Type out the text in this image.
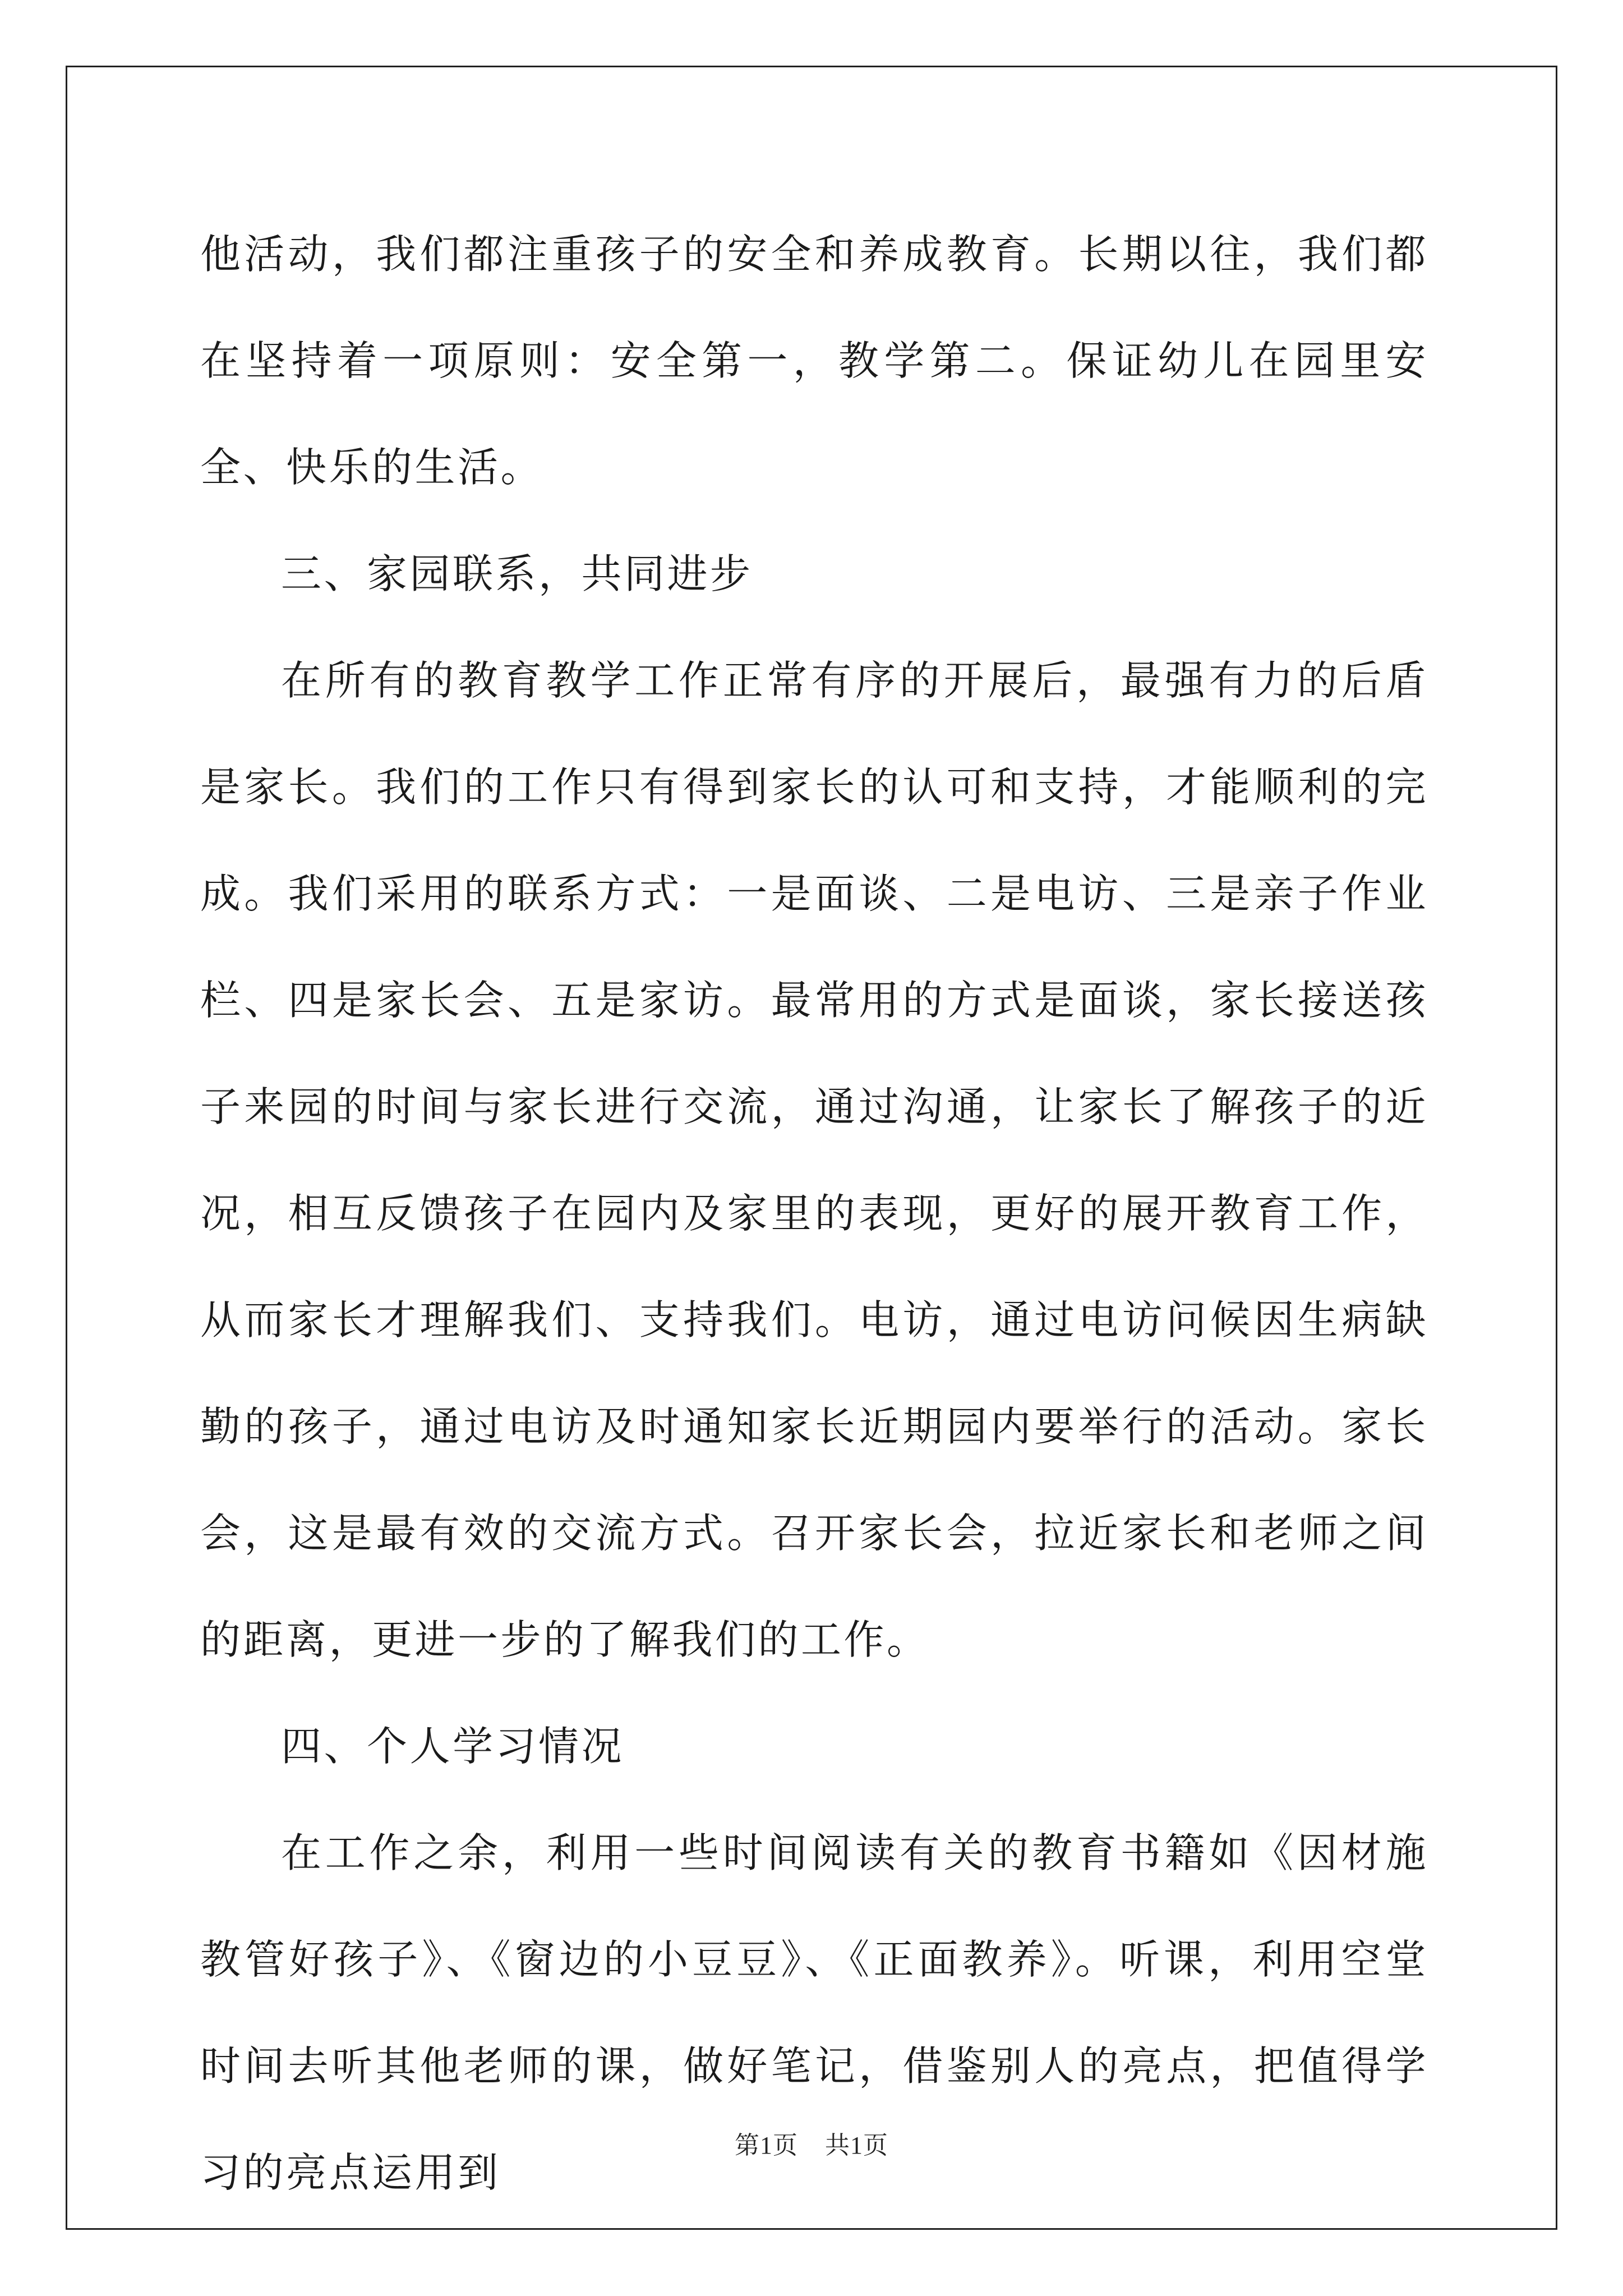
他活动，我们都注重孩子的安全和养成教育。长期以往，我们都在坚持着一项原则：安全第一，教学第二。保证幼儿在园里安全、快乐的生活。

三、家园联系，共同进步

在所有的教育教学工作正常有序的开展后，最强有力的后盾是家长。我们的工作只有得到家长的认可和支持，才能顺利的完成。我们采用的联系方式：一是面谈、二是电访、三是亲子作业栏、四是家长会、五是家访。最常用的方式是面谈，家长接送孩子来园的时间与家长进行交流，通过沟通，让家长了解孩子的近况，相互反馈孩子在园内及家里的表现，更好的展开教育工作，从而家长才理解我们、支持我们。电访，通过电访问候因生病缺勤的孩子，通过电访及时通知家长近期园内要举行的活动。家长会，这是最有效的交流方式。召开家长会，拉近家长和老师之间的距离，更进一步的了解我们的工作。

四、个人学习情况

在工作之余，利用一些时间阅读有关的教育书籍如《因材施教管好孩子》、《窗边的小豆豆》、《正面教养》。听课，利用空堂时间去听其他老师的课，做好笔记，借鉴别人的亮点，把值得学习的亮点运用到

第1页 共1页
